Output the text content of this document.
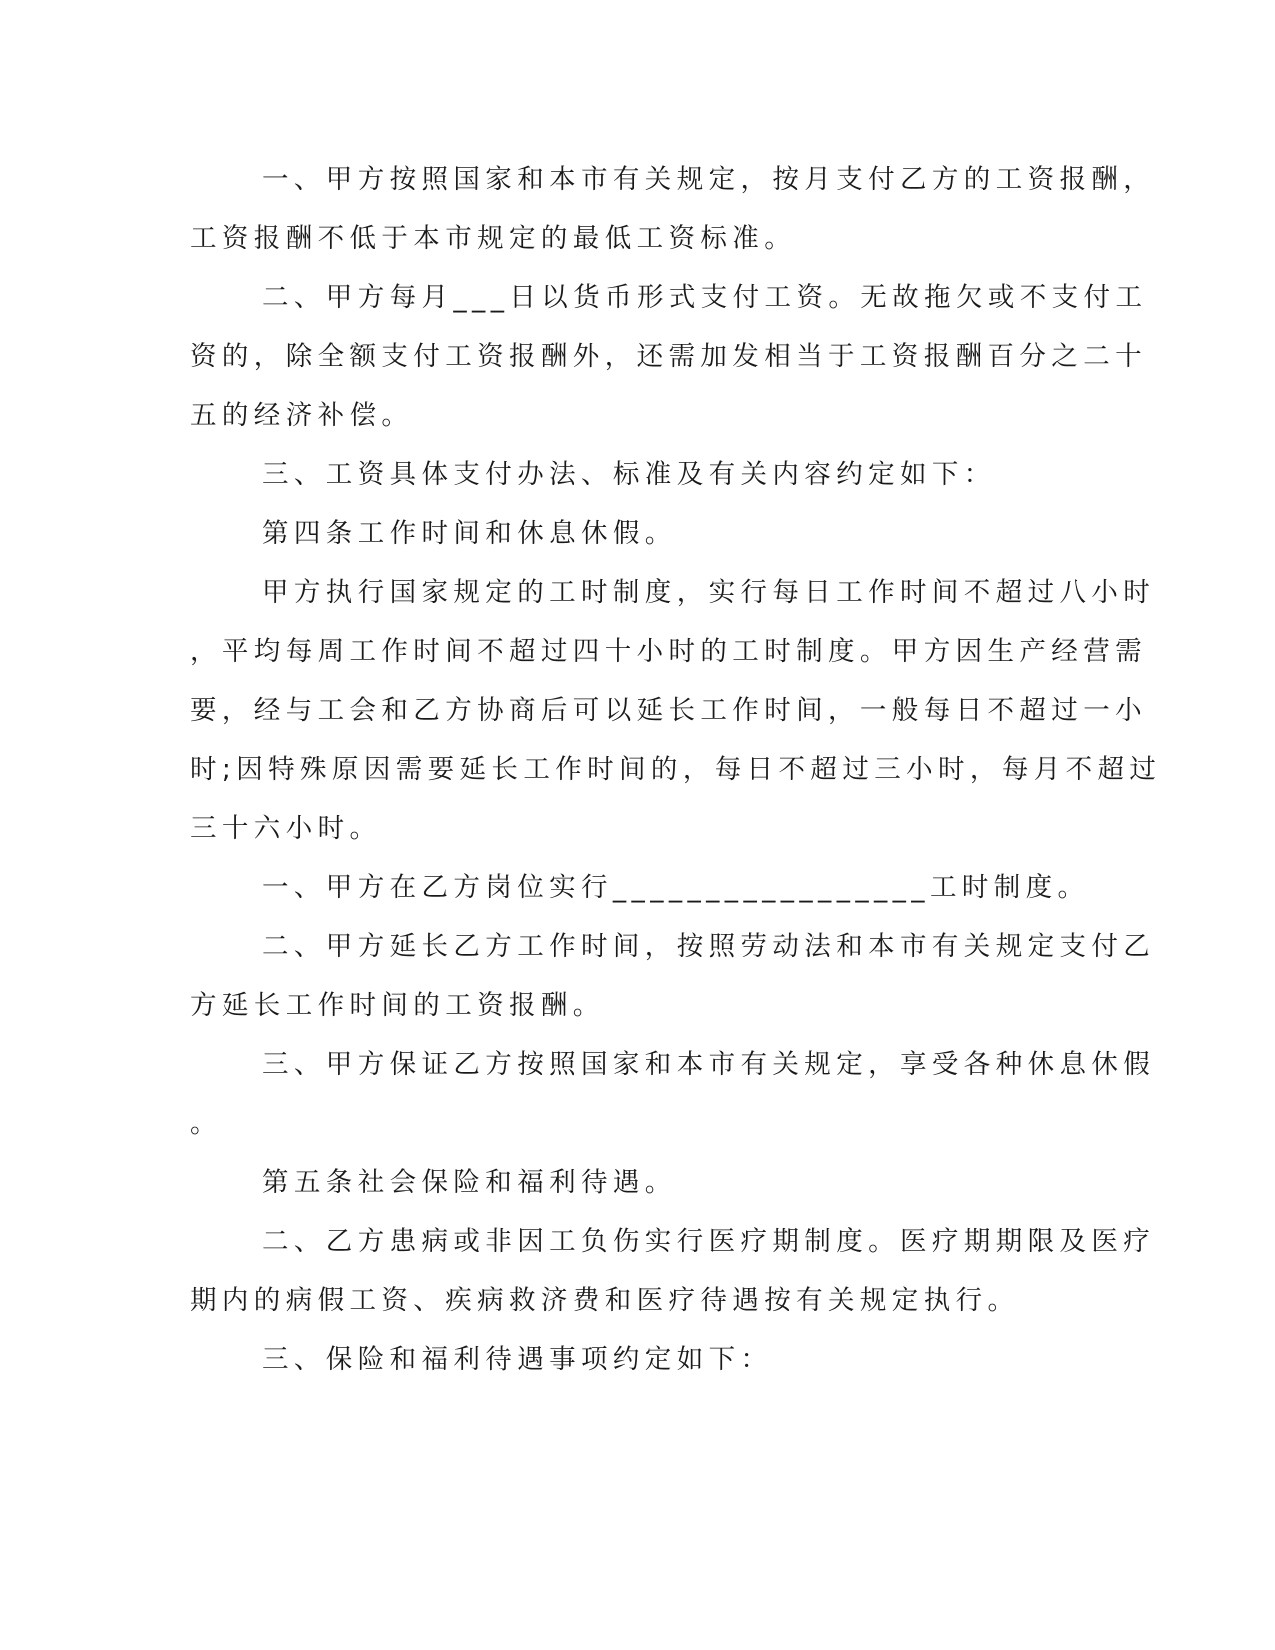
一、甲方按照国家和本市有关规定，按月支付乙方的工资报酬，

工资报酬不低于本市规定的最低工资标准。

二、甲方每月___日以货币形式支付工资。无故拖欠或不支付工

资的，除全额支付工资报酬外，还需加发相当于工资报酬百分之二十

五的经济补偿。

三、工资具体支付办法、标准及有关内容约定如下：

第四条工作时间和休息休假。

甲方执行国家规定的工时制度，实行每日工作时间不超过八小时

，平均每周工作时间不超过四十小时的工时制度。甲方因生产经营需

要，经与工会和乙方协商后可以延长工作时间，一般每日不超过一小

时;因特殊原因需要延长工作时间的，每日不超过三小时，每月不超过

三十六小时。

一、甲方在乙方岗位实行_________________工时制度。

二、甲方延长乙方工作时间，按照劳动法和本市有关规定支付乙

方延长工作时间的工资报酬。

三、甲方保证乙方按照国家和本市有关规定，享受各种休息休假

。

第五条社会保险和福利待遇。

二、乙方患病或非因工负伤实行医疗期制度。医疗期期限及医疗

期内的病假工资、疾病救济费和医疗待遇按有关规定执行。

三、保险和福利待遇事项约定如下：
